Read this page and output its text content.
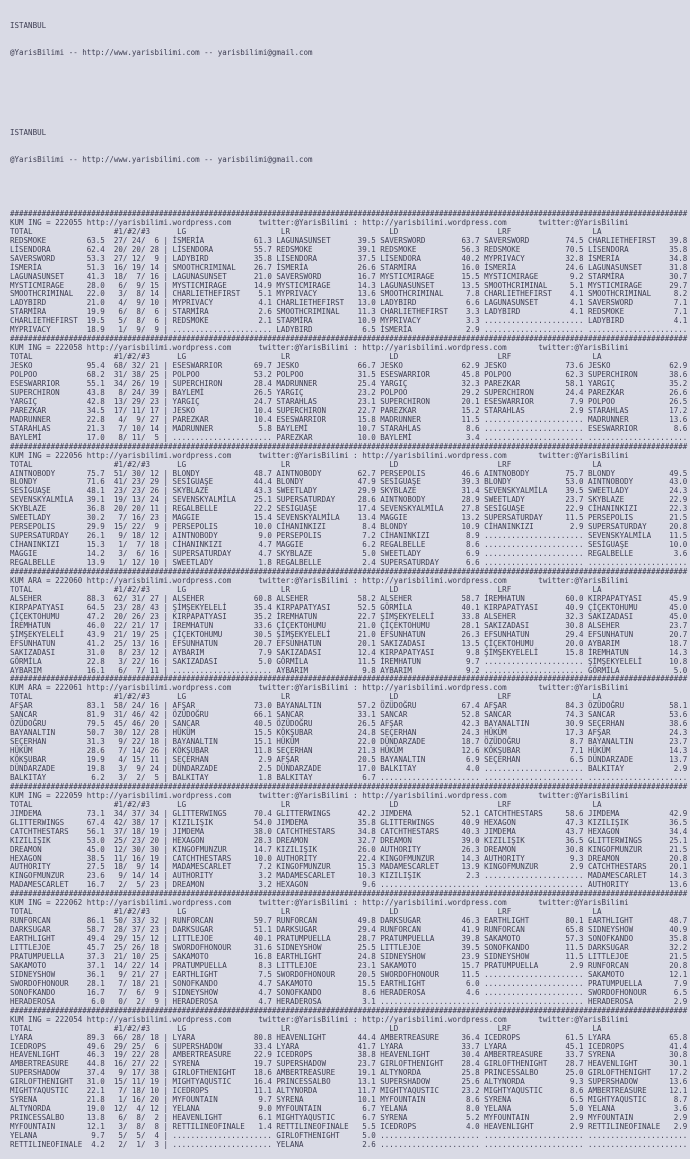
ISTANBUL

@YarisBilimi -- http://www.yarisbilimi.com -- yarisbilimi@gmail.com

ISTANBUL

@YarisBilimi -- http://www.yarisbilimi.com -- yarisbilimi@gmail.com

######################################################################################################################################################
KUM ING = 222055 http://yarisbilimi.wordpress.com      twitter:@YarisBilimi : http://yarisbilimi.wordpress.com       twitter:@YarisBilimi
TOTAL                  #1/#2/#3      LG                     LR                      LD                      LRF                  LA
REDSMOKE         63.5  27/ 24/  6 | İSMERİA           61.3 LAGUNASUNSET      39.5 SAVERSWORD        63.7 SAVERSWORD        74.5 CHARLIETHEFIRST   39.8
LİSENDORA        62.4  20/ 20/ 28 | LİSENDORA         55.7 REDSMOKE          39.1 REDSMOKE          56.3 REDSMOKE          70.5 LİSENDORA         35.8
SAVERSWORD       53.3  27/ 12/  9 | LADYBIRD          35.8 LİSENDORA         37.5 LİSENDORA         40.2 MYPRIVACY         32.8 İSMERİA           34.8
İSMERİA          51.3  16/ 19/ 14 | SMOOTHCRIMINAL    26.7 İSMERİA           26.6 STARMİRA          16.0 İSMERİA           24.6 LAGUNASUNSET      31.8
LAGUNASUNSET     41.3  18/  7/ 16 | LAGUNASUNSET      21.0 SAVERSWORD        16.7 MYSTICMIRAGE      15.5 MYSTICMIRAGE       9.2 STARMİRA          30.7
MYSTICMIRAGE     28.0   6/  9/ 15 | MYSTICMIRAGE      14.9 MYSTICMIRAGE      14.3 LAGUNASUNSET      13.5 SMOOTHCRIMINAL     5.1 MYSTICMIRAGE      29.7
SMOOTHCRIMINAL   22.0   3/  8/ 14 | CHARLIETHEFIRST    5.1 MYPRIVACY         13.6 SMOOTHCRIMINAL     7.8 CHARLIETHEFIRST    4.1 SMOOTHCRIMINAL     8.2
LADYBIRD         21.0   4/  9/ 10 | MYPRIVACY          4.1 CHARLIETHEFIRST   13.0 LADYBIRD           6.6 LAGUNASUNSET       4.1 SAVERSWORD         7.1
STARMİRA         19.9   6/  8/  6 | STARMİRA           2.6 SMOOTHCRIMINAL    11.3 CHARLIETHEFIRST    3.3 LADYBIRD           4.1 REDSMOKE           7.1
CHARLIETHEFIRST  19.5   5/  8/  6 | REDSMOKE           2.1 STARMİRA          10.9 MYPRIVACY          3.3 ...................... LADYBIRD           4.1
MYPRIVACY        18.9   1/  9/  9 | ...................... LADYBIRD           6.5 İSMERİA            2.9 ...................... ......................
######################################################################################################################################################
KUM ING = 222058 http://yarisbilimi.wordpress.com      twitter:@YarisBilimi : http://yarisbilimi.wordpress.com       twitter:@YarisBilimi
TOTAL                  #1/#2/#3      LG                     LR                      LD                      LRF                  LA
JESKO            95.4  68/ 32/ 21 | ESESWARRIOR       69.7 JESKO             66.7 JESKO             62.9 JESKO             73.6 JESKO             62.9
POLPOO           68.2  31/ 38/ 25 | POLPOO            53.2 POLPOO            31.5 ESESWARRIOR       45.8 POLPOO            62.3 SUPERCHIRON       38.6
ESESWARRIOR      55.1  34/ 26/ 19 | SUPERCHIRON       28.4 MADRUNNER         25.4 YARGIÇ            32.3 PAREZKAR          58.1 YARGIÇ            35.2
SUPERCHIRON      43.8   8/ 24/ 39 | BAYLEMİ           26.5 YARGIÇ            23.2 POLPOO            29.2 SUPERCHIRON       24.4 PAREZKAR          26.6
YARGIÇ           42.8  13/ 29/ 23 | YARGIÇ            24.7 STARAHLAS         23.1 SUPERCHIRON       20.1 ESESWARRIOR        7.9 POLPOO            26.5
PAREZKAR         34.5  17/ 11/ 17 | JESKO             10.4 SUPERCHIRON       22.7 PAREZKAR          15.2 STARAHLAS          2.9 STARAHLAS         17.2
MADRUNNER        22.8   4/  9/ 27 | PAREZKAR          10.4 ESESWARRIOR       15.8 MADRUNNER         11.5 ...................... MADRUNNER         13.6
STARAHLAS        21.3   7/ 10/ 14 | MADRUNNER          5.8 BAYLEMİ           10.7 STARAHLAS          8.6 ...................... ESESWARRIOR        8.6
BAYLEMİ          17.0   8/ 11/  5 | ...................... PAREZKAR          10.0 BAYLEMİ            3.4 ...................... ......................
######################################################################################################################################################
KUM ING = 222056 http://yarisbilimi.wordpress.com      twitter:@YarisBilimi : http://yarisbilimi.wordpress.com       twitter:@YarisBilimi
TOTAL                  #1/#2/#3      LG                     LR                      LD                      LRF                  LA
AINTNOBODY       75.7  51/ 30/ 12 | BLONDY            48.7 AINTNOBODY        62.7 PERSEPOLIS        46.6 AINTNOBODY        75.7 BLONDY            49.5
BLONDY           71.6  41/ 23/ 29 | SESİGUAŞE         44.4 BLONDY            47.9 SESİGUAŞE         39.3 BLONDY            53.0 AINTNOBODY        43.0
SESİGUAŞE        48.1  23/ 23/ 26 | SKYBLAZE          43.3 SWEETLADY         29.9 SKYBLAZE          31.4 SEVENSKYALMİLA    39.5 SWEETLADY         24.3
SEVENSKYALMİLA   39.1  19/ 13/ 24 | SEVENSKYALMİLA    25.1 SUPERSATURDAY     28.6 AINTNOBODY        28.9 SWEETLADY         23.7 SKYBLAZE          22.9
SKYBLAZE         36.8  20/ 20/ 11 | REGALBELLE        22.2 SESİGUAŞE         17.4 SEVENSKYALMİLA    27.8 SESİGUAŞE         22.9 CİHANINKIZI       22.3
SWEETLADY        30.2   7/ 16/ 23 | MAGGIE            15.4 SEVENSKYALMİLA    13.4 MAGGIE            13.2 SUPERSATURDAY     11.5 PERSEPOLIS        21.5
PERSEPOLIS       29.9  15/ 22/  9 | PERSEPOLIS        10.0 CİHANINKIZI        8.4 BLONDY            10.9 CİHANINKIZI        2.9 SUPERSATURDAY     20.8
SUPERSATURDAY    26.1   9/ 18/ 12 | AINTNOBODY         9.0 PERSEPOLIS         7.2 CİHANINKIZI        8.9 ...................... SEVENSKYALMİLA    11.5
CİHANINKIZI      15.3   1/  7/ 18 | CİHANINKIZI        4.7 MAGGIE             6.2 REGALBELLE         8.6 ...................... SESİGUAŞE         10.0
MAGGIE           14.2   3/  6/ 16 | SUPERSATURDAY      4.7 SKYBLAZE           5.0 SWEETLADY          6.9 ...................... REGALBELLE         3.6
REGALBELLE       13.9   1/ 12/ 10 | SWEETLADY          1.8 REGALBELLE         2.4 SUPERSATURDAY      6.6 ...................... ......................
######################################################################################################################################################
KUM ARA = 222060 http://yarisbilimi.wordpress.com      twitter:@YarisBilimi : http://yarisbilimi.wordpress.com       twitter:@YarisBilimi
TOTAL                  #1/#2/#3      LG                     LR                      LD                      LRF                  LA
ALSEHER          88.3  62/ 31/ 27 | ALSEHER           60.8 ALSEHER           58.2 ALSEHER           58.7 İREMHATUN         60.0 KIRPAPATYASI      45.9
KIRPAPATYASI     64.5  23/ 28/ 43 | ŞİMŞEKYELELİ      35.4 KIRPAPATYASI      52.5 GÖRMİLA           40.1 KIRPAPATYASI      40.9 ÇİÇEKTOHUMU       45.0
ÇİÇEKTOHUMU      47.2  20/ 26/ 23 | KIRPAPATYASI      35.2 İREMHATUN         22.7 ŞİMŞEKYELELİ      33.8 ALSEHER           32.3 SAKIZADASI        45.0
İREMHATUN        46.0  22/ 21/ 17 | İREMHATUN         33.6 ÇİÇEKTOHUMU       21.0 ÇİÇEKTOHUMU       28.1 SAKIZADASI        30.8 ALSEHER           23.7
ŞİMŞEKYELELİ     43.9  21/ 19/ 25 | ÇİÇEKTOHUMU       30.5 ŞİMŞEKYELELİ      21.0 EFSUNHATUN        26.3 EFSUNHATUN        29.4 EFSUNHATUN        20.7
EFSUNHATUN       41.2  25/ 13/ 16 | EFSUNHATUN        20.7 EFSUNHATUN        20.1 SAKIZADASI        13.5 ÇİÇEKTOHUMU       20.0 AYBARIM           18.7
SAKIZADASI       31.0   8/ 23/ 12 | AYBARIM            7.9 SAKIZADASI        12.4 KIRPAPATYASI       9.8 ŞİMŞEKYELELİ      15.8 İREMHATUN         14.3
GÖRMİLA          22.8   3/ 22/ 16 | SAKIZADASI         5.0 GÖRMİLA           11.5 İREMHATUN          9.7 ...................... ŞİMŞEKYELELİ      10.8
AYBARIM          16.1   6/  7/ 11 | ...................... AYBARIM            9.8 AYBARIM            9.2 ...................... GÖRMİLA            5.0
######################################################################################################################################################
KUM ARA = 222061 http://yarisbilimi.wordpress.com      twitter:@YarisBilimi : http://yarisbilimi.wordpress.com       twitter:@YarisBilimi
TOTAL                  #1/#2/#3      LG                     LR                      LD                      LRF                  LA
AFŞAR            83.1  58/ 24/ 16 | AFŞAR             73.0 BAYANALTIN        57.2 ÖZÜDOĞRU          67.4 AFŞAR             84.3 ÖZÜDOĞRU          58.1
SANCAR           81.9  31/ 46/ 42 | ÖZÜDOĞRU          66.1 SANCAR            33.1 SANCAR            52.8 SANCAR            74.3 SANCAR            53.6
ÖZÜDOĞRU         79.5  45/ 46/ 20 | SANCAR            40.5 ÖZÜDOĞRU          26.5 AFŞAR             42.3 BAYANALTIN        30.9 SEÇERHAN          38.6
BAYANALTIN       50.7  30/ 12/ 28 | HÜKÜM             15.5 KÖKŞUBAR          24.8 SEÇERHAN          24.3 HÜKÜM             17.3 AFŞAR             24.3
SEÇERHAN         31.3   9/ 22/ 18 | BAYANALTIN        15.1 HÜKÜM             22.0 DÜNDARZADE        18.7 ÖZÜDOĞRU           8.7 BAYANALTIN        23.7
HÜKÜM            28.6   7/ 14/ 26 | KÖKŞUBAR          11.8 SEÇERHAN          21.3 HÜKÜM             12.6 KÖKŞUBAR           7.1 HÜKÜM             14.3
KÖKŞUBAR         19.9   4/ 15/ 11 | SEÇERHAN           2.9 AFŞAR             20.5 BAYANALTIN         6.9 SEÇERHAN           6.5 DÜNDARZADE        13.7
DÜNDARZADE       19.8   3/  9/ 24 | DÜNDARZADE         2.5 DÜNDARZADE        17.0 BALKITAY           4.0 ...................... BALKITAY           2.9
BALKITAY          6.2   3/  2/  5 | BALKITAY           1.8 BALKITAY           6.7 ...................... ...................... ......................
######################################################################################################################################################
KUM ING = 222059 http://yarisbilimi.wordpress.com      twitter:@YarisBilimi : http://yarisbilimi.wordpress.com       twitter:@YarisBilimi
TOTAL                  #1/#2/#3      LG                     LR                      LD                      LRF                  LA
JIMDEMA          73.1  34/ 37/ 34 | GLITTERWINGS      70.4 GLITTERWINGS      42.2 JIMDEMA           52.1 CATCHTHESTARS     58.6 JIMDEMA           42.9
GLITTERWINGS     67.4  42/ 38/ 17 | KIZILIŞIK         54.0 JIMDEMA           35.8 GLITTERWINGS      40.9 HEXAGON           47.3 KIZILIŞIK         36.5
CATCHTHESTARS    56.1  37/ 18/ 19 | JIMDEMA           38.0 CATCHTHESTARS     34.8 CATCHTHESTARS     40.3 JIMDEMA           43.7 HEXAGON           34.4
KIZILIŞIK        53.0  25/ 23/ 20 | HEXAGON           28.3 DREAMON           32.7 DREAMON           39.0 KIZILIŞIK         36.5 GLITTERWINGS      25.1
DREAMON          45.0  12/ 30/ 30 | KINGOFMUNZUR      14.7 KIZILIŞIK         26.0 AUTHORITY         26.3 DREAMON           30.8 KINGOFMUNZUR      21.5
HEXAGON          38.5  11/ 16/ 19 | CATCHTHESTARS     10.0 AUTHORITY         22.4 KINGOFMUNZUR      14.3 AUTHORITY          9.3 DREAMON           20.8
AUTHORITY        27.5  18/  9/ 14 | MADAMESCARLET      7.2 KINGOFMUNZUR      15.3 MADAMESCARLET     13.9 KINGOFMUNZUR       2.9 CATCHTHESTARS     20.1
KINGOFMUNZUR     23.6   9/ 14/ 14 | AUTHORITY          3.2 MADAMESCARLET     10.3 KIZILIŞIK          2.3 ...................... MADAMESCARLET     14.3
MADAMESCARLET    16.7   2/  5/ 23 | DREAMON            3.2 HEXAGON            9.6 ...................... ...................... AUTHORITY         13.6
######################################################################################################################################################
KUM ING = 222062 http://yarisbilimi.wordpress.com      twitter:@YarisBilimi : http://yarisbilimi.wordpress.com       twitter:@YarisBilimi
TOTAL                  #1/#2/#3      LG                     LR                      LD                      LRF                  LA
RUNFORCAN        86.1  50/ 33/ 32 | RUNFORCAN         59.7 RUNFORCAN         49.8 DARKSUGAR         46.3 EARTHLIGHT        80.1 EARTHLIGHT        48.7
DARKSUGAR        58.7  28/ 37/ 23 | DARKSUGAR         51.1 DARKSUGAR         29.4 RUNFORCAN         41.9 RUNFORCAN         65.8 SIDNEYSHOW        40.9
EARTHLIGHT       49.4  29/ 15/ 12 | LITTLEJOE         40.1 PRATUMPUELLA      28.7 PRATUMPUELLA      39.8 SAKAMOTO          57.3 SONOFKANDO        35.8
LITTLEJOE        45.7  25/ 26/ 18 | SWORDOFHONOUR     31.6 SIDNEYSHOW        25.5 LITTLEJOE         39.5 SONOFKANDO        11.5 DARKSUGAR         32.2
PRATUMPUELLA     37.3  21/ 10/ 25 | SAKAMOTO          16.8 EARTHLIGHT        24.8 SIDNEYSHOW        23.9 SIDNEYSHOW        11.5 LITTLEJOE         21.5
SAKAMOTO         37.1  14/ 22/ 14 | PRATUMPUELLA       8.3 LITTLEJOE         23.1 SAKAMOTO          15.7 PRATUMPUELLA       2.9 RUNFORCAN         20.8
SIDNEYSHOW       36.1   9/ 21/ 27 | EARTHLIGHT         7.5 SWORDOFHONOUR     20.5 SWORDOFHONOUR     11.5 ...................... SAKAMOTO          12.1
SWORDOFHONOUR    28.1   7/ 18/ 21 | SONOFKANDO         4.7 SAKAMOTO          15.5 EARTHLIGHT         6.0 ...................... PRATUMPUELLA       7.9
SONOFKANDO       16.7   7/  6/  9 | SIDNEYSHOW         4.7 SONOFKANDO         8.6 HERADEROSA         4.6 ...................... SWORDOFHONOUR      6.5
HERADEROSA        6.0   0/  2/  9 | HERADEROSA         4.7 HERADEROSA         3.1 ...................... ...................... HERADEROSA         2.9
######################################################################################################################################################
KUM ING = 222054 http://yarisbilimi.wordpress.com      twitter:@YarisBilimi : http://yarisbilimi.wordpress.com       twitter:@YarisBilimi
TOTAL                  #1/#2/#3      LG                     LR                      LD                      LRF                  LA
LYARA            89.3  66/ 28/ 18 | LYARA             80.8 HEAVENLIGHT       44.4 AMBERTREASURE     36.4 ICEDROPS          61.5 LYARA             65.8
ICEDROPS         49.6  29/ 25/  6 | SUPERSHADOW       33.4 LYARA             41.7 LYARA             33.7 LYARA             45.1 ICEDROPS          41.4
HEAVENLIGHT      46.3  19/ 22/ 28 | AMBERTREASURE     22.9 ICEDROPS          38.8 HEAVENLIGHT       30.4 AMBERTREASURE     33.7 SYRENA            30.8
AMBERTREASURE    44.8  16/ 27/ 22 | SYRENA            19.7 SUPERSHADOW       23.7 GIRLOFTHENIGHT    28.4 GIRLOFTHENIGHT    28.7 HEAVENLIGHT       30.1
SUPERSHADOW      37.4   9/ 17/ 38 | GIRLOFTHENIGHT    18.6 AMBERTREASURE     19.1 ALTYNORDA         25.8 PRINCESSALBO      25.0 GIRLOFTHENIGHT    17.2
GIRLOFTHENIGHT   31.0  15/ 11/ 19 | MIGHTYAQUSTIC     16.4 PRINCESSALBO      13.1 SUPERSHADOW       25.6 ALTYNORDA          9.3 SUPERSHADOW       13.6
MIGHTYAQUSTIC    22.1   7/ 18/ 10 | ICEDROPS          11.1 ALTYNORDA         11.7 MIGHTYAQUSTIC     23.2 MIGHTYAQUSTIC      8.6 AMBERTREASURE     12.1
SYRENA           21.8   1/ 16/ 20 | MYFOUNTAIN         9.7 SYRENA            10.1 MYFOUNTAIN         8.6 SYRENA             6.5 MIGHTYAQUSTIC      8.7
ALTYNORDA        19.0  12/  4/ 12 | YELANA             9.0 MYFOUNTAIN         6.7 YELANA             8.0 YELANA             5.0 YELANA             3.6
PRINCESSALBO     13.8   6/  8/  2 | HEAVENLIGHT        6.1 MIGHTYAQUSTIC      6.7 SYRENA             5.2 MYFOUNTAIN         2.9 MYFOUNTAIN         2.9
MYFOUNTAIN       12.1   3/  8/  8 | RETTILINEOFINALE   1.4 RETTILINEOFINALE   5.5 ICEDROPS           4.0 HEAVENLIGHT        2.9 RETTILINEOFINALE   2.9
YELANA            9.7   5/  5/  4 | ...................... GIRLOFTHENIGHT     5.0 ...................... ...................... ......................
RETTILINEOFINALE  4.2   2/  1/  3 | ...................... YELANA             2.6 ...................... ...................... ......................
